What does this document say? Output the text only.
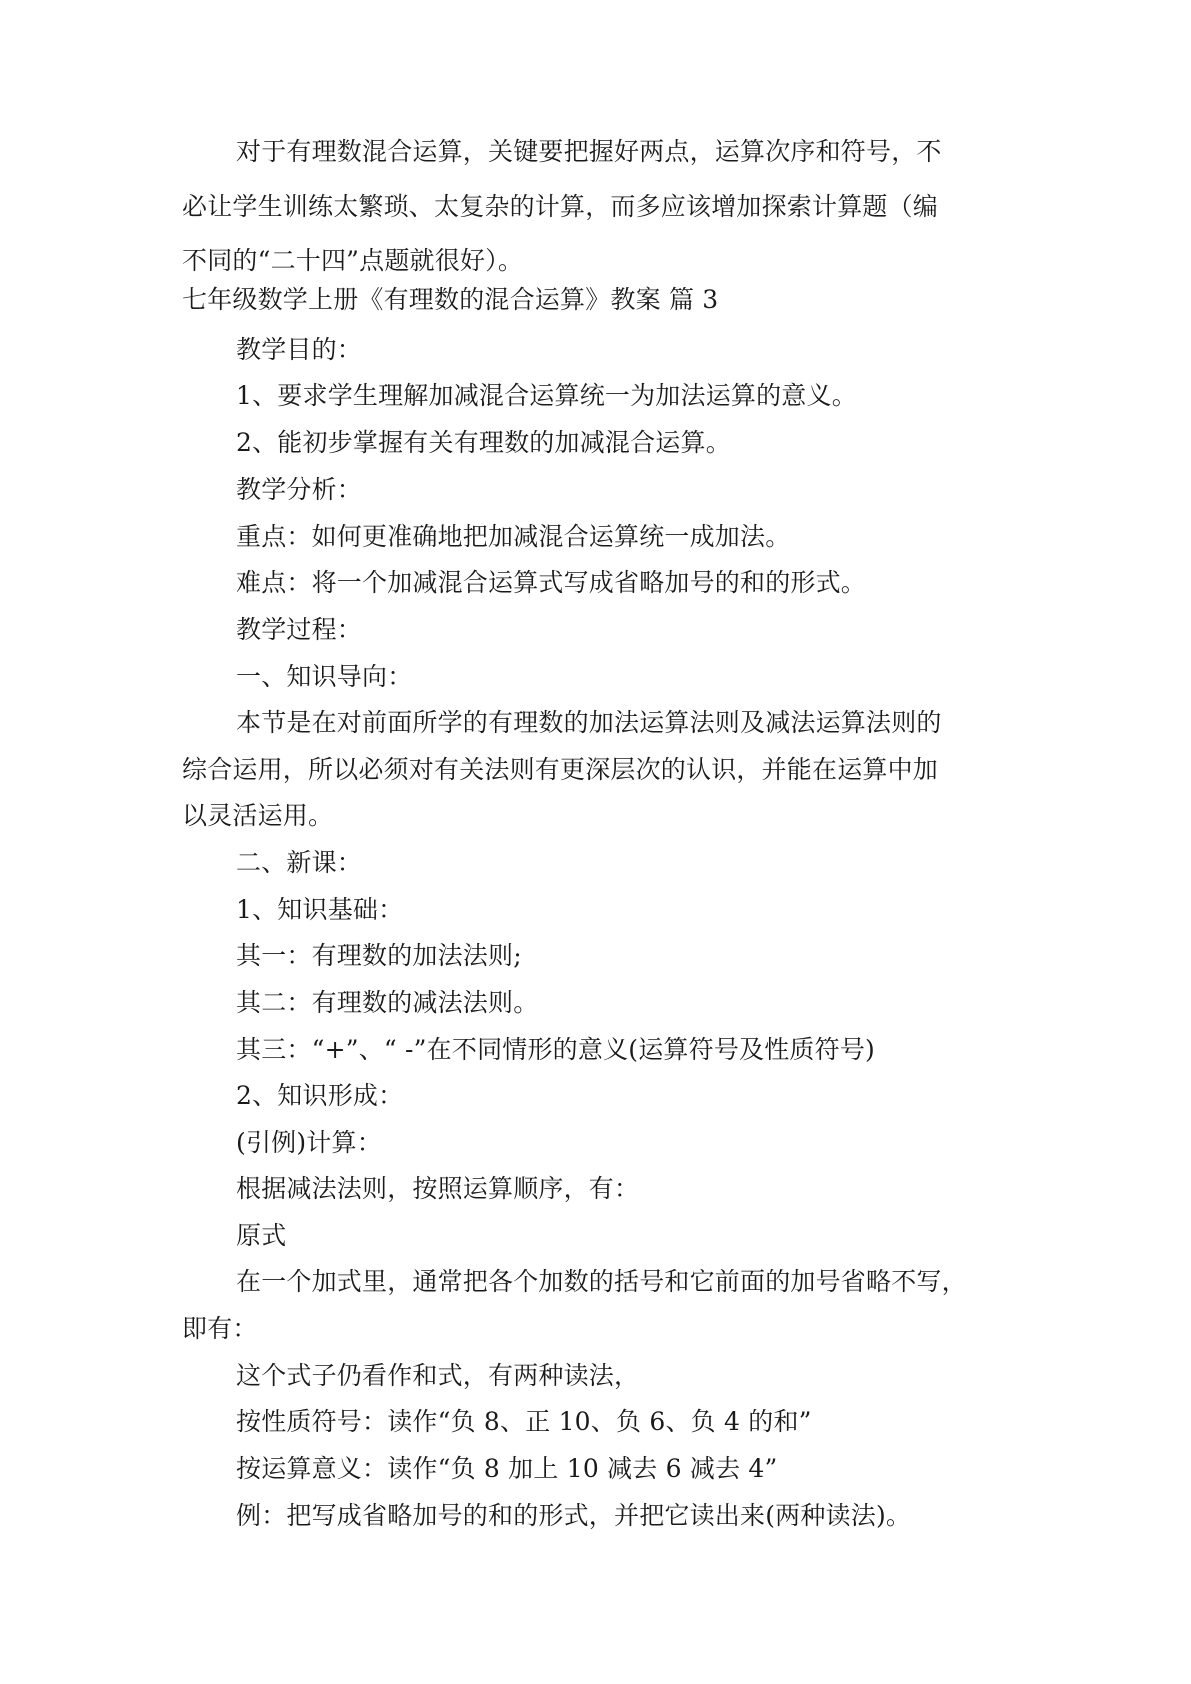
对于有理数混合运算，关键要把握好两点，运算次序和符号，不
必让学生训练太繁琐、太复杂的计算，而多应该增加探索计算题（编
不同的“二十四”点题就很好）。
七年级数学上册《有理数的混合运算》教案 篇 3
教学目的：
1、要求学生理解加减混合运算统一为加法运算的意义。
2、能初步掌握有关有理数的加减混合运算。
教学分析：
重点：如何更准确地把加减混合运算统一成加法。
难点：将一个加减混合运算式写成省略加号的和的形式。
教学过程：
一、知识导向：
本节是在对前面所学的有理数的加法运算法则及减法运算法则的
综合运用，所以必须对有关法则有更深层次的认识，并能在运算中加
以灵活运用。
二、新课：
1、知识基础：
其一：有理数的加法法则;
其二：有理数的减法法则。
其三：“+”、“ -”在不同情形的意义(运算符号及性质符号)
2、知识形成：
(引例)计算：
根据减法法则，按照运算顺序，有：
原式
在一个加式里，通常把各个加数的括号和它前面的加号省略不写，
即有：
这个式子仍看作和式，有两种读法，
按性质符号：读作“负 8、正 10、负 6、负 4 的和”
按运算意义：读作“负 8 加上 10 减去 6 减去 4”
例：把写成省略加号的和的形式，并把它读出来(两种读法)。
